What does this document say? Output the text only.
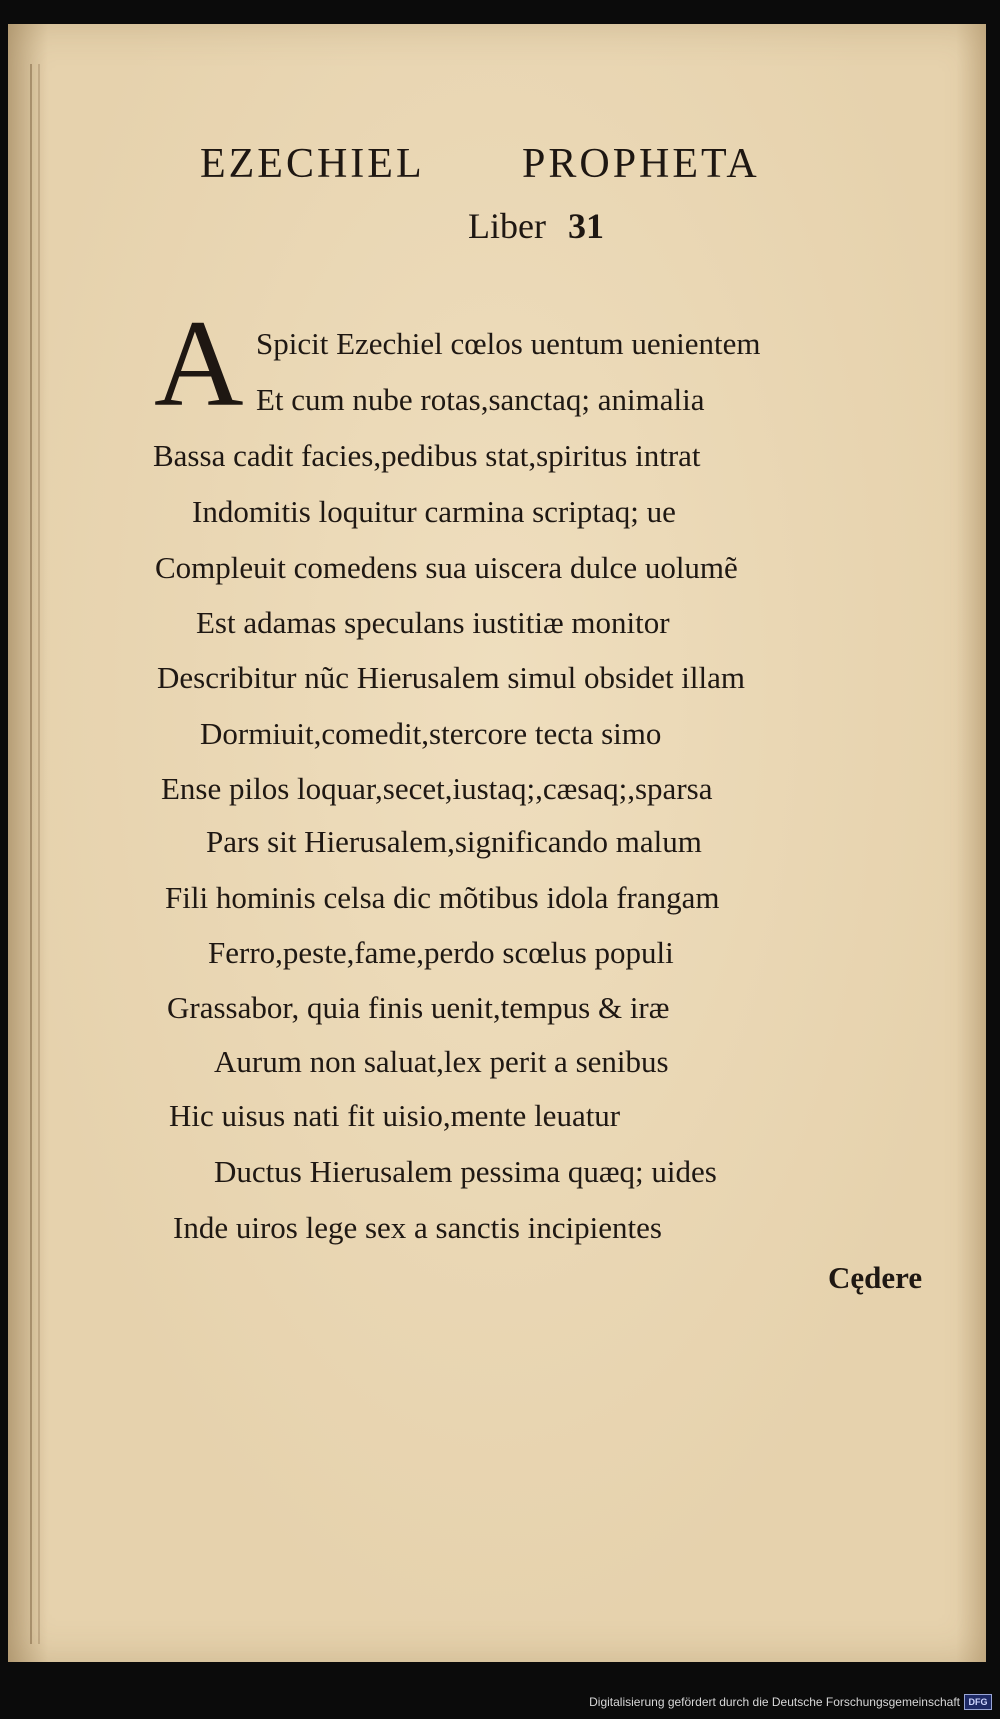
EZECHIEL PROPHETA
Liber 31
A Spicit Ezechiel cœlos uentum uenientem
Et cum nube rotas,sanctaq; animalia
Bassa cadit facies,pedibus stat,spiritus intrat
Indomitis loquitur carmina scriptaq; ue
Compleuit comedens sua uiscera dulce uolumẽ
Est adamas speculans iustitiæ monitor
Describitur nũc Hierusalem simul obsidet illam
Dormiuit,comedit,stercore tecta simo
Ense pilos loquar,secet,iustaq;,cæsaq;,sparsa
Pars sit Hierusalem,significando malum
Fili hominis celsa dic mõtibus idola frangam
Ferro,peste,fame,perdo scœlus populi
Grassabor, quia finis uenit,tempus & iræ
Aurum non saluat,lex perit a senibus
Hic uisus nati fit uisio,mente leuatur
Ductus Hierusalem pessima quæq; uides
Inde uiros lege sex a sanctis incipientes
Cędere
Digitalisierung gefördert durch die Deutsche Forschungsgemeinschaft DFG
